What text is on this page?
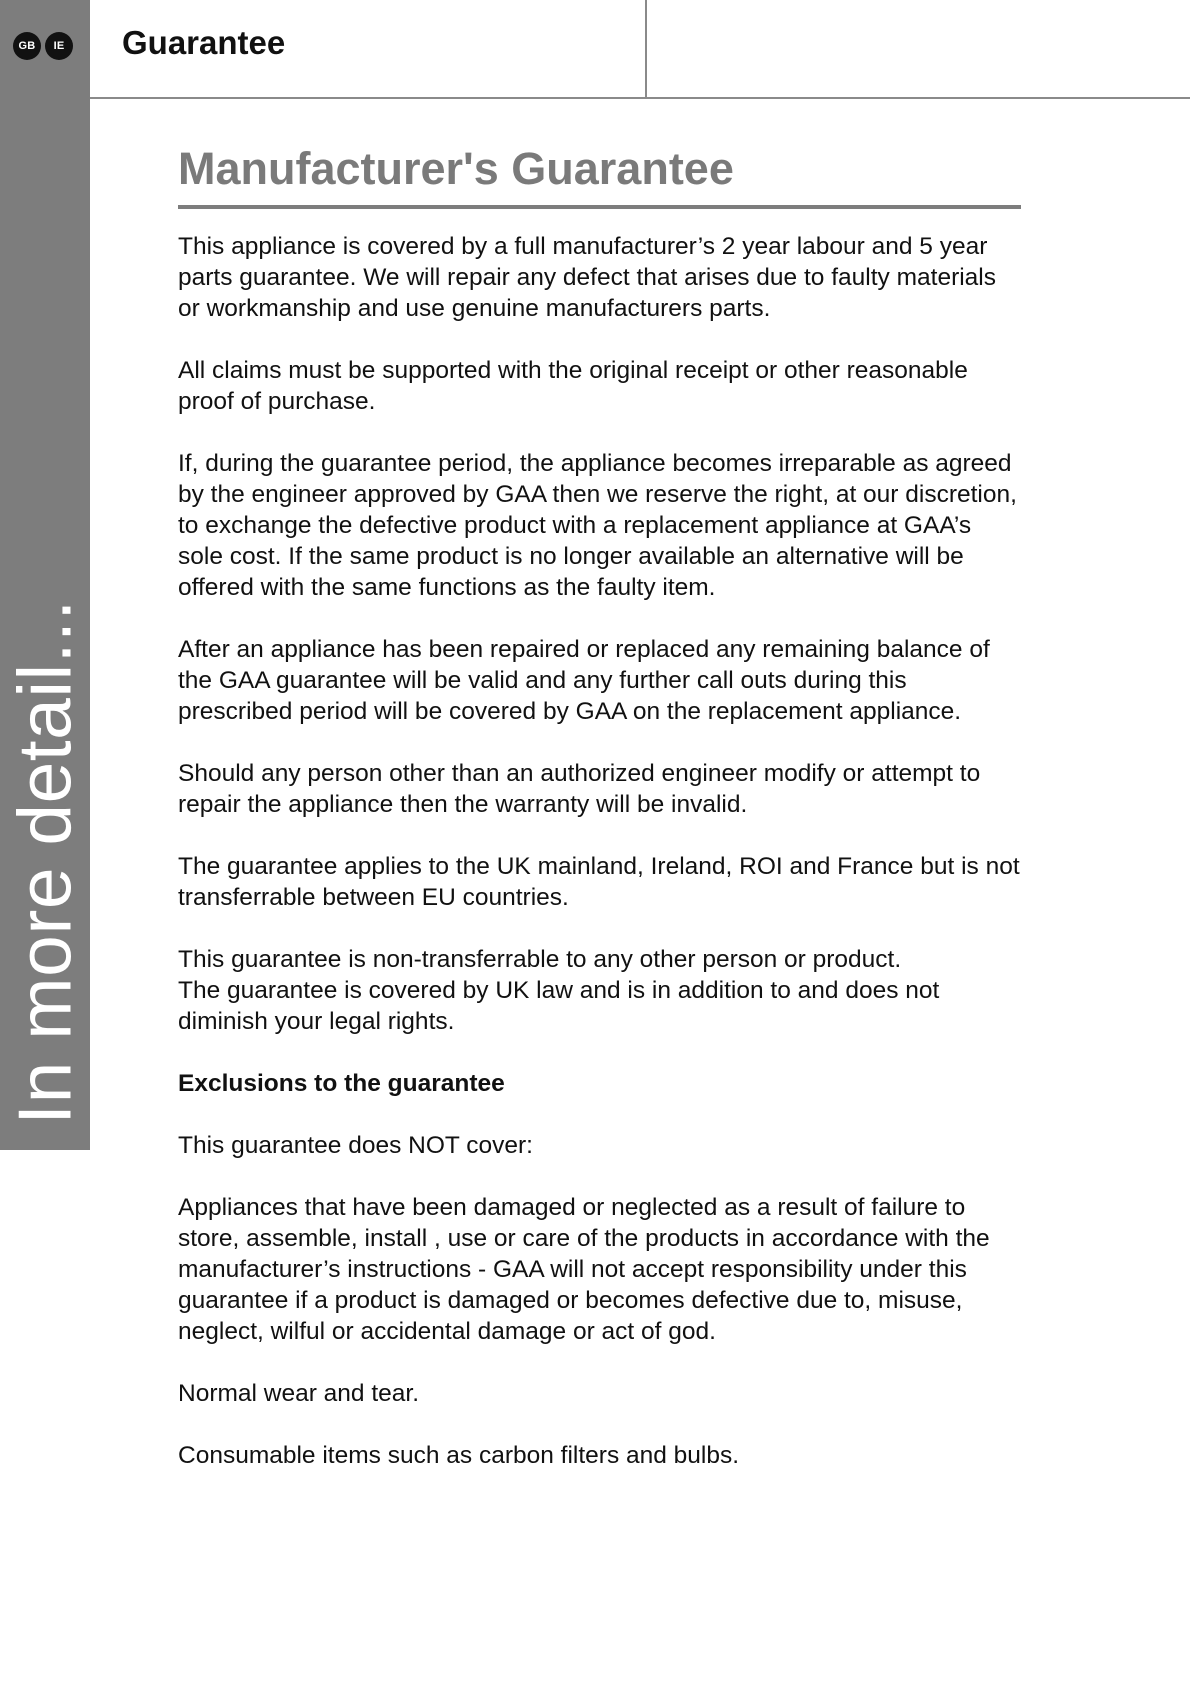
GB	IE
In more detail...
Guarantee
Manufacturer's Guarantee

This appliance is covered by a full manufacturer’s 2 year labour and 5 year parts guarantee. We will repair any defect that arises due to faulty materials or workmanship and use genuine manufacturers parts.

All claims must be supported with the original receipt or other reasonable proof of purchase.

If, during the guarantee period, the appliance becomes irreparable as agreed by the engineer approved by GAA then we reserve the right, at our discretion, to exchange the defective product with a replacement appliance at GAA’s sole cost. If the same product is no longer available an alternative will be offered with the same functions as the faulty item.

After an appliance has been repaired or replaced any remaining balance of the GAA guarantee will be valid and any further call outs during this prescribed period will be covered by GAA on the replacement appliance.

Should any person other than an authorized engineer modify or attempt to repair the appliance then the warranty will be invalid.

The guarantee applies to the UK mainland, Ireland, ROI and France but is not transferrable between EU countries.

This guarantee is non-transferrable to any other person or product.
The guarantee is covered by UK law and is in addition to and does not diminish your legal rights.

Exclusions to the guarantee

This guarantee does NOT cover:

Appliances that have been damaged or neglected as a result of failure to store, assemble, install , use or care of the products in accordance with the manufacturer’s instructions - GAA will not accept responsibility under this guarantee if a product is damaged or becomes defective due to, misuse, neglect, wilful or accidental damage or act of god.

Normal wear and tear.

Consumable items such as carbon filters and bulbs.
